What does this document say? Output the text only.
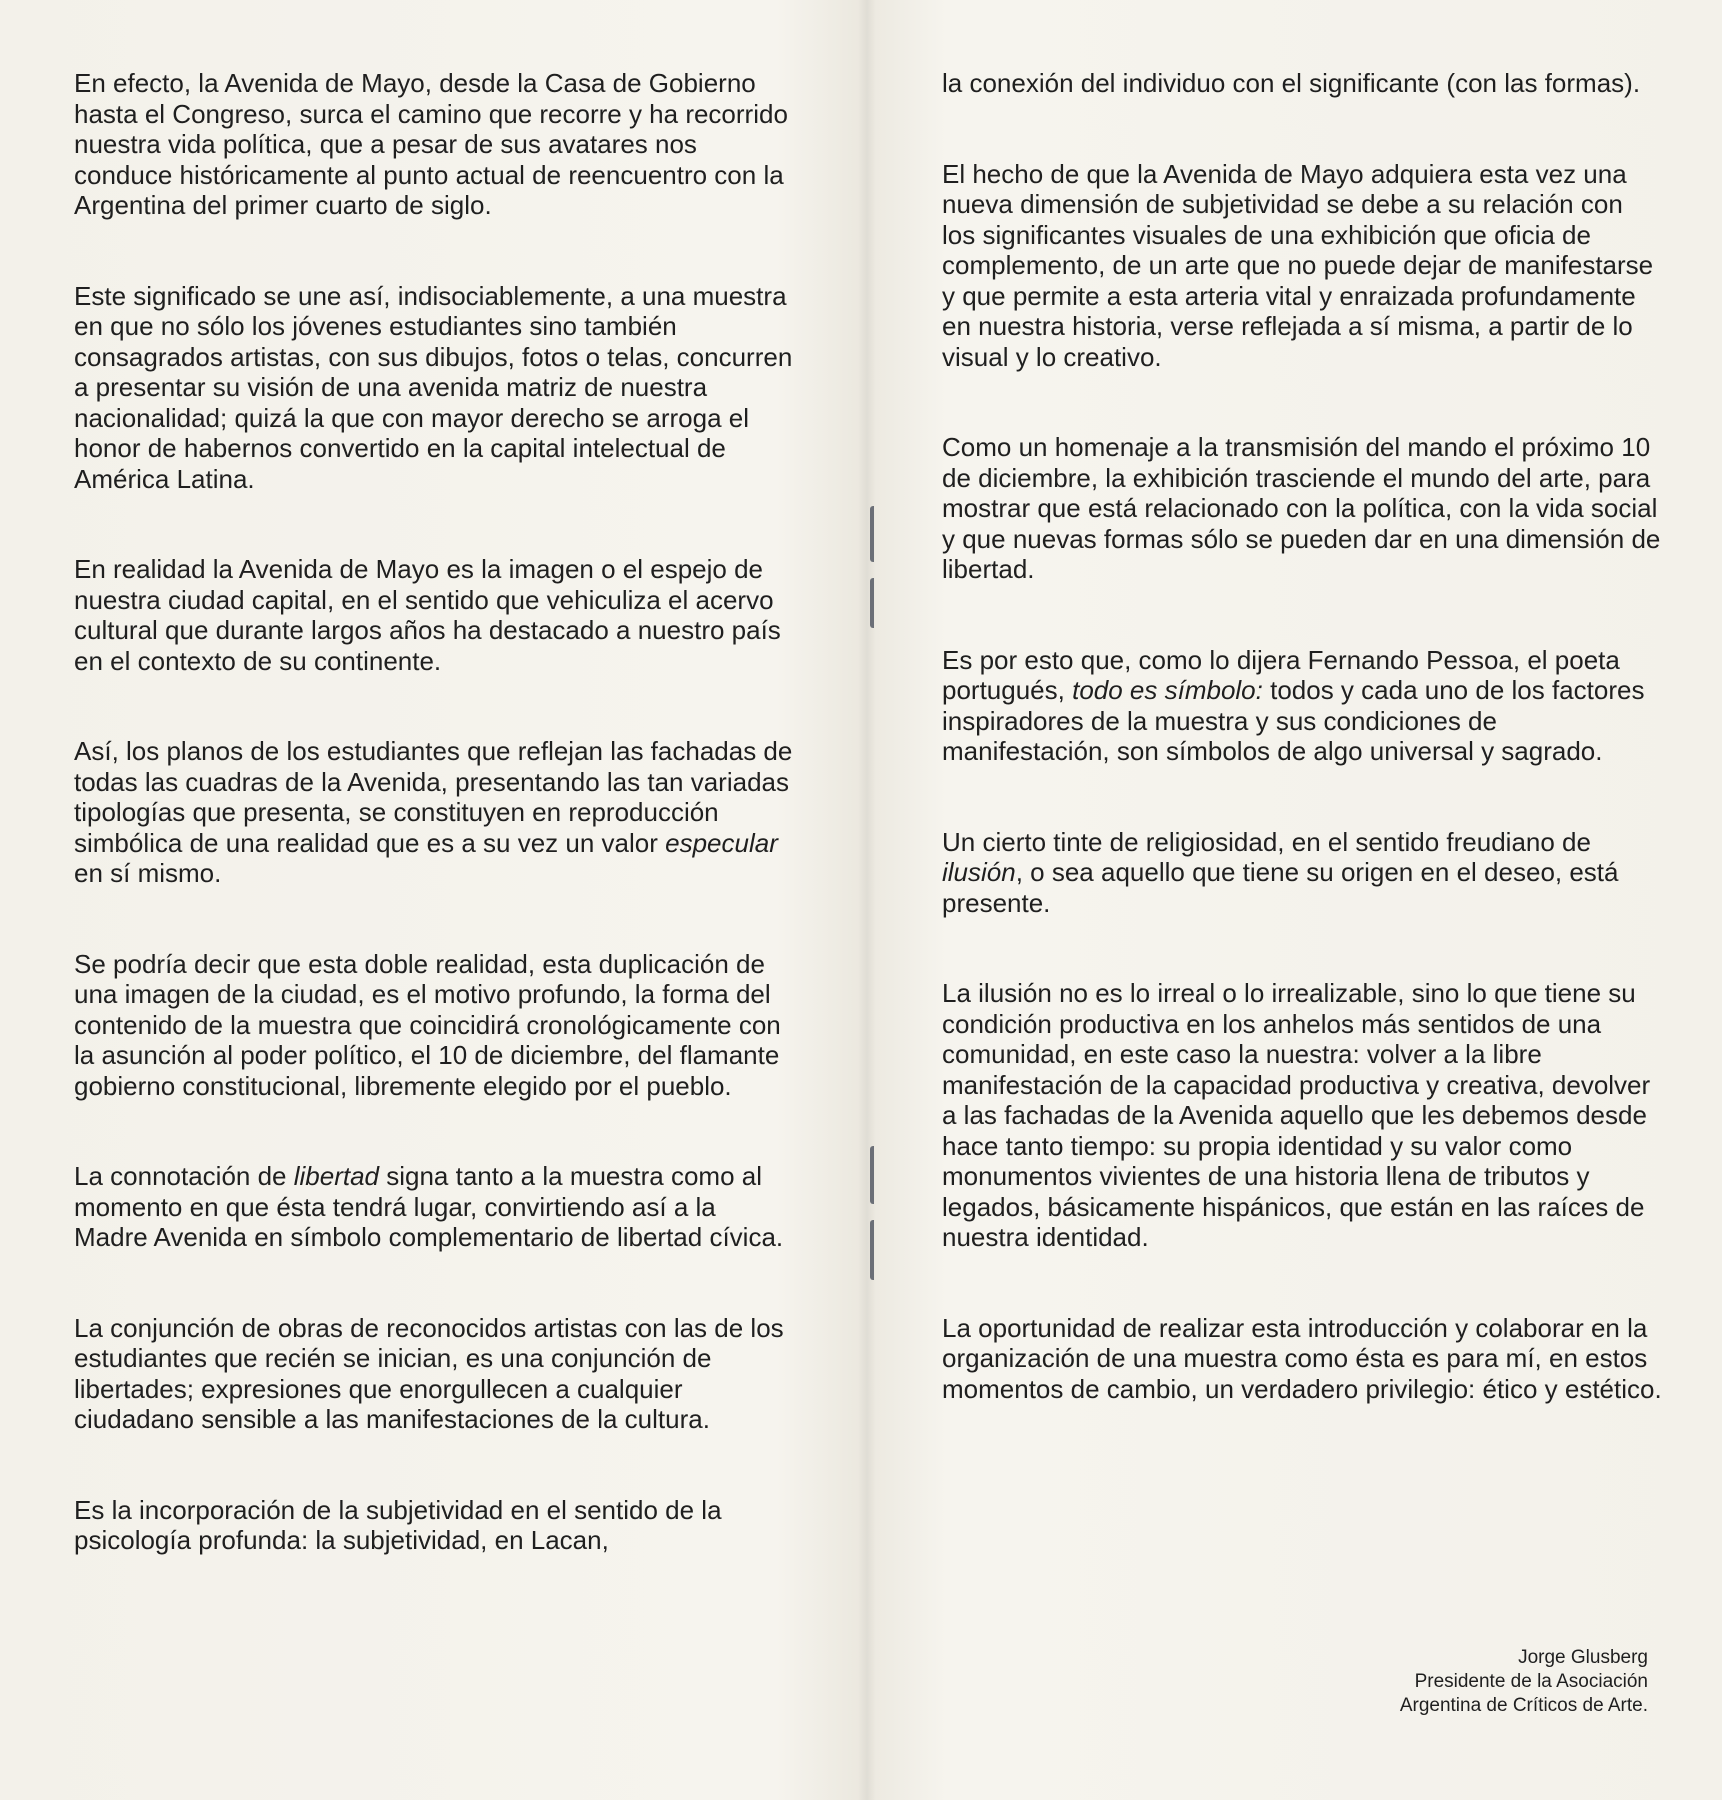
En efecto, la Avenida de Mayo, desde la Casa de Gobierno hasta el Congreso, surca el camino que recorre y ha recorrido nuestra vida política, que a pesar de sus avatares nos conduce históricamente al punto actual de reencuentro con la Argentina del primer cuarto de siglo.

Este significado se une así, indisociablemente, a una muestra en que no sólo los jóvenes estudiantes sino también consagrados artistas, con sus dibujos, fotos o telas, concurren a presentar su visión de una avenida matriz de nuestra nacionalidad; quizá la que con mayor derecho se arroga el honor de habernos convertido en la capital intelectual de América Latina.

En realidad la Avenida de Mayo es la imagen o el espejo de nuestra ciudad capital, en el sentido que vehiculiza el acervo cultural que durante largos años ha destacado a nuestro país en el contexto de su continente.

Así, los planos de los estudiantes que reflejan las fachadas de todas las cuadras de la Avenida, presentando las tan variadas tipologías que presenta, se constituyen en reproducción simbólica de una realidad que es a su vez un valor especular en sí mismo.

Se podría decir que esta doble realidad, esta duplicación de una imagen de la ciudad, es el motivo profundo, la forma del contenido de la muestra que coincidirá cronológicamente con la asunción al poder político, el 10 de diciembre, del flamante gobierno constitucional, libremente elegido por el pueblo.

La connotación de libertad signa tanto a la muestra como al momento en que ésta tendrá lugar, convirtiendo así a la Madre Avenida en símbolo complementario de libertad cívica.

La conjunción de obras de reconocidos artistas con las de los estudiantes que recién se inician, es una conjunción de libertades; expresiones que enorgullecen a cualquier ciudadano sensible a las manifestaciones de la cultura.

Es la incorporación de la subjetividad en el sentido de la psicología profunda: la subjetividad, en Lacan,

la conexión del individuo con el significante (con las formas).

El hecho de que la Avenida de Mayo adquiera esta vez una nueva dimensión de subjetividad se debe a su relación con los significantes visuales de una exhibición que oficia de complemento, de un arte que no puede dejar de manifestarse y que permite a esta arteria vital y enraizada profundamente en nuestra historia, verse reflejada a sí misma, a partir de lo visual y lo creativo.

Como un homenaje a la transmisión del mando el próximo 10 de diciembre, la exhibición trasciende el mundo del arte, para mostrar que está relacionado con la política, con la vida social y que nuevas formas sólo se pueden dar en una dimensión de libertad.

Es por esto que, como lo dijera Fernando Pessoa, el poeta portugués, todo es símbolo: todos y cada uno de los factores inspiradores de la muestra y sus condiciones de manifestación, son símbolos de algo universal y sagrado.

Un cierto tinte de religiosidad, en el sentido freudiano de ilusión, o sea aquello que tiene su origen en el deseo, está presente.

La ilusión no es lo irreal o lo irrealizable, sino lo que tiene su condición productiva en los anhelos más sentidos de una comunidad, en este caso la nuestra: volver a la libre manifestación de la capacidad productiva y creativa, devolver a las fachadas de la Avenida aquello que les debemos desde hace tanto tiempo: su propia identidad y su valor como monumentos vivientes de una historia llena de tributos y legados, básicamente hispánicos, que están en las raíces de nuestra identidad.

La oportunidad de realizar esta introducción y colaborar en la organización de una muestra como ésta es para mí, en estos momentos de cambio, un verdadero privilegio: ético y estético.

Jorge Glusberg
Presidente de la Asociación
Argentina de Críticos de Arte.
